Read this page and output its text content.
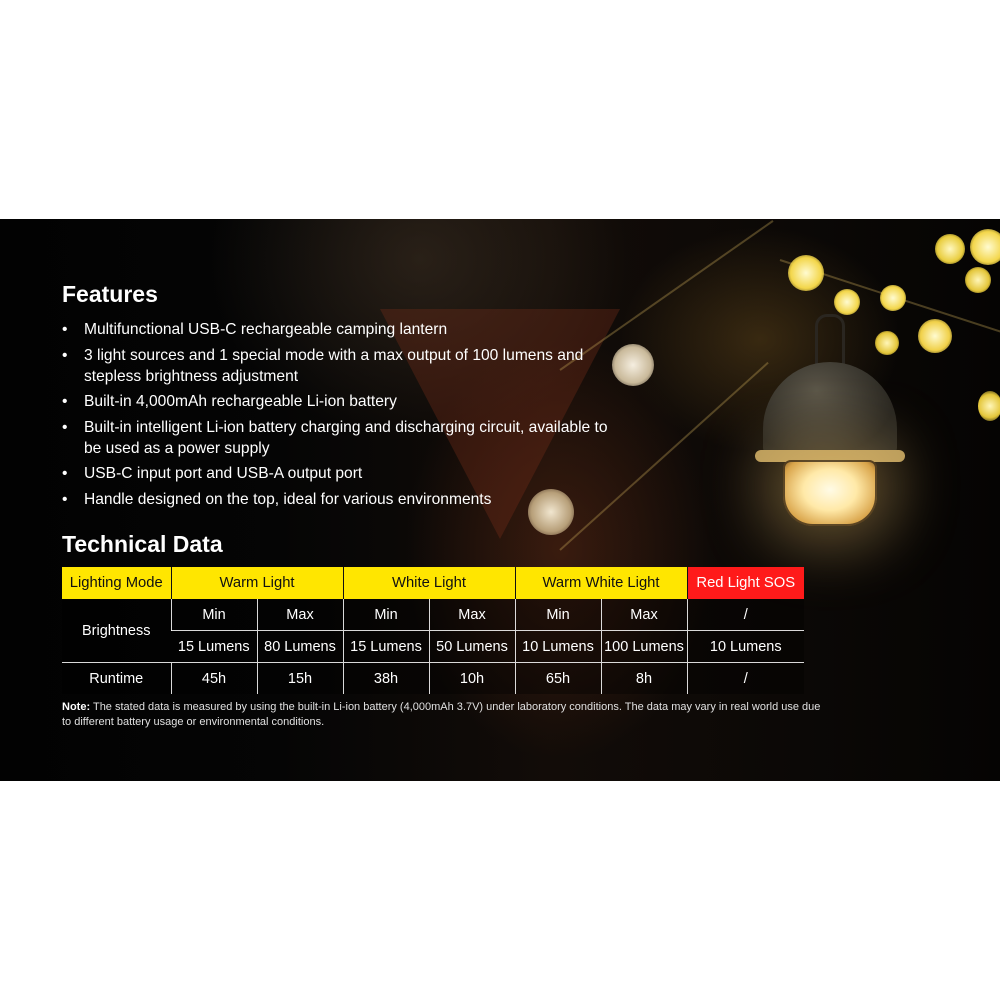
Features
• Multifunctional USB-C rechargeable camping lantern
• 3 light sources and 1 special mode with a max output of 100 lumens and stepless brightness adjustment
• Built-in 4,000mAh rechargeable Li-ion battery
• Built-in intelligent Li-ion battery charging and discharging circuit, available to be used as a power supply
• USB-C input port and USB-A output port
• Handle designed on the top, ideal for various environments
Technical Data
Lighting Mode	Warm Light		White Light		Warm White Light		Red Light SOS
Brightness	Min	Max	Min	Max	Min	Max	/
	15 Lumens	80 Lumens	15 Lumens	50 Lumens	10 Lumens	100 Lumens	10 Lumens
Runtime	45h	15h	38h	10h	65h	8h	/
Note: The stated data is measured by using the built-in Li-ion battery (4,000mAh 3.7V) under laboratory conditions. The data may vary in real world use due to different battery usage or environmental conditions.
